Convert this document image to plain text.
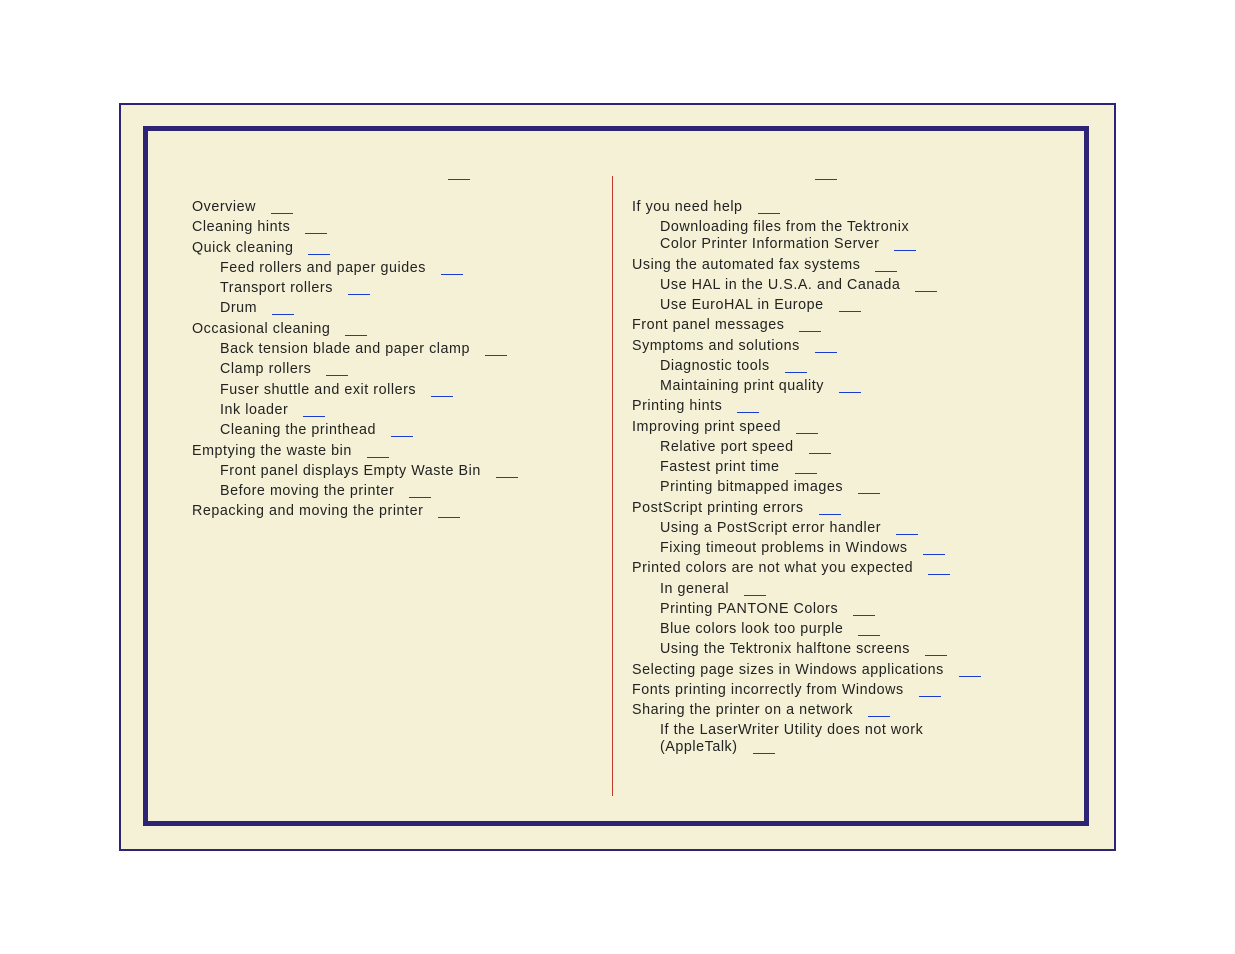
Overview
Cleaning hints
Quick cleaning
Feed rollers and paper guides
Transport rollers
Drum
Occasional cleaning
Back tension blade and paper clamp
Clamp rollers
Fuser shuttle and exit rollers
Ink loader
Cleaning the printhead
Emptying the waste bin
Front panel displays Empty Waste Bin
Before moving the printer
Repacking and moving the printer
If you need help
Downloading files from the Tektronix
Color Printer Information Server
Using the automated fax systems
Use HAL in the U.S.A. and Canada
Use EuroHAL in Europe
Front panel messages
Symptoms and solutions
Diagnostic tools
Maintaining print quality
Printing hints
Improving print speed
Relative port speed
Fastest print time
Printing bitmapped images
PostScript printing errors
Using a PostScript error handler
Fixing timeout problems in Windows
Printed colors are not what you expected
In general
Printing PANTONE Colors
Blue colors look too purple
Using the Tektronix halftone screens
Selecting page sizes in Windows applications
Fonts printing incorrectly from Windows
Sharing the printer on a network
If the LaserWriter Utility does not work
(AppleTalk)
